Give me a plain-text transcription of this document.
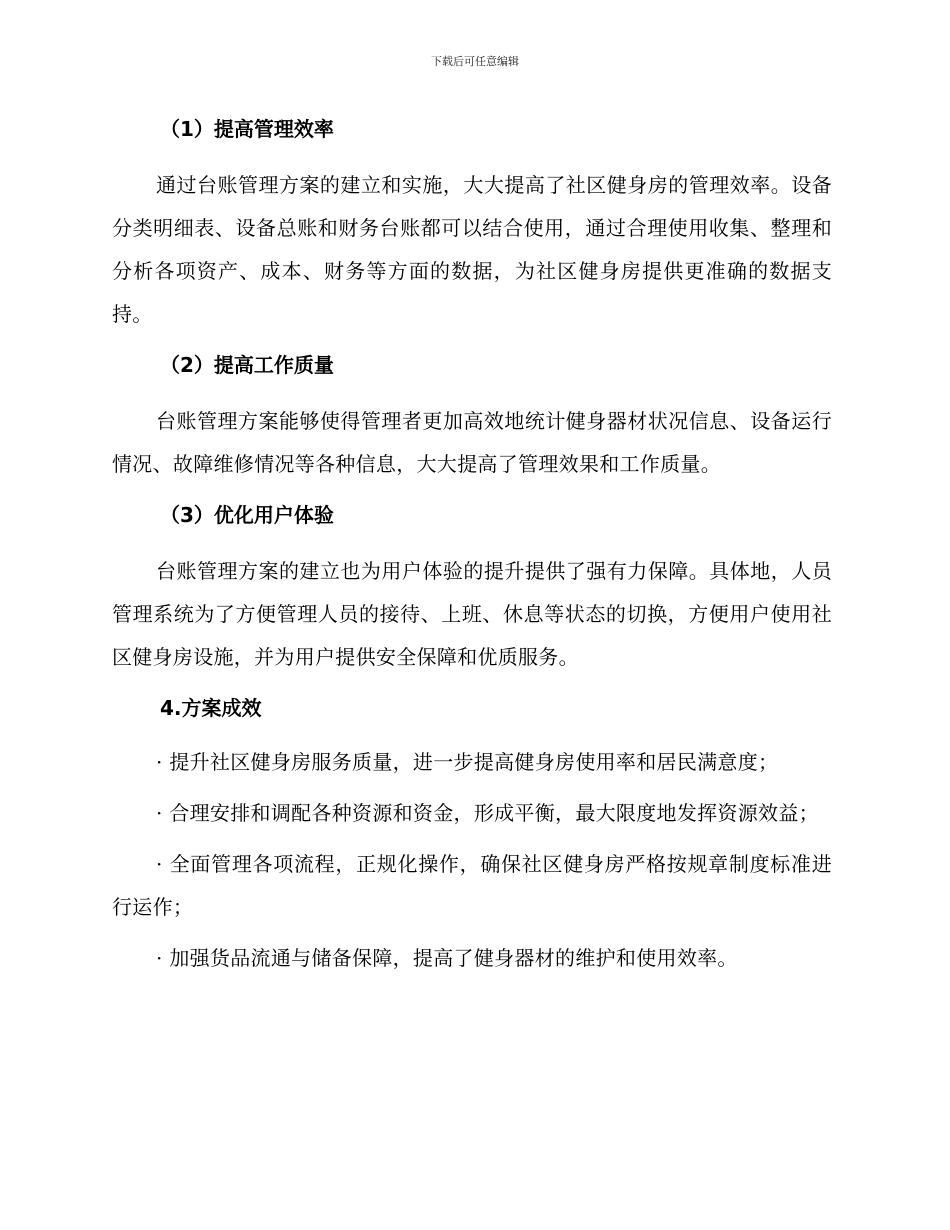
下载后可任意编辑
（1）提高管理效率

通过台账管理方案的建立和实施，大大提高了社区健身房的管理效率。设备分类明细表、设备总账和财务台账都可以结合使用，通过合理使用收集、整理和分析各项资产、成本、财务等方面的数据，为社区健身房提供更准确的数据支持。

（2）提高工作质量

台账管理方案能够使得管理者更加高效地统计健身器材状况信息、设备运行情况、故障维修情况等各种信息，大大提高了管理效果和工作质量。

（3）优化用户体验

台账管理方案的建立也为用户体验的提升提供了强有力保障。具体地，人员管理系统为了方便管理人员的接待、上班、休息等状态的切换，方便用户使用社区健身房设施，并为用户提供安全保障和优质服务。

4.方案成效

· 提升社区健身房服务质量，进一步提高健身房使用率和居民满意度；

· 合理安排和调配各种资源和资金，形成平衡，最大限度地发挥资源效益；

· 全面管理各项流程，正规化操作，确保社区健身房严格按规章制度标准进行运作；

· 加强货品流通与储备保障，提高了健身器材的维护和使用效率。
